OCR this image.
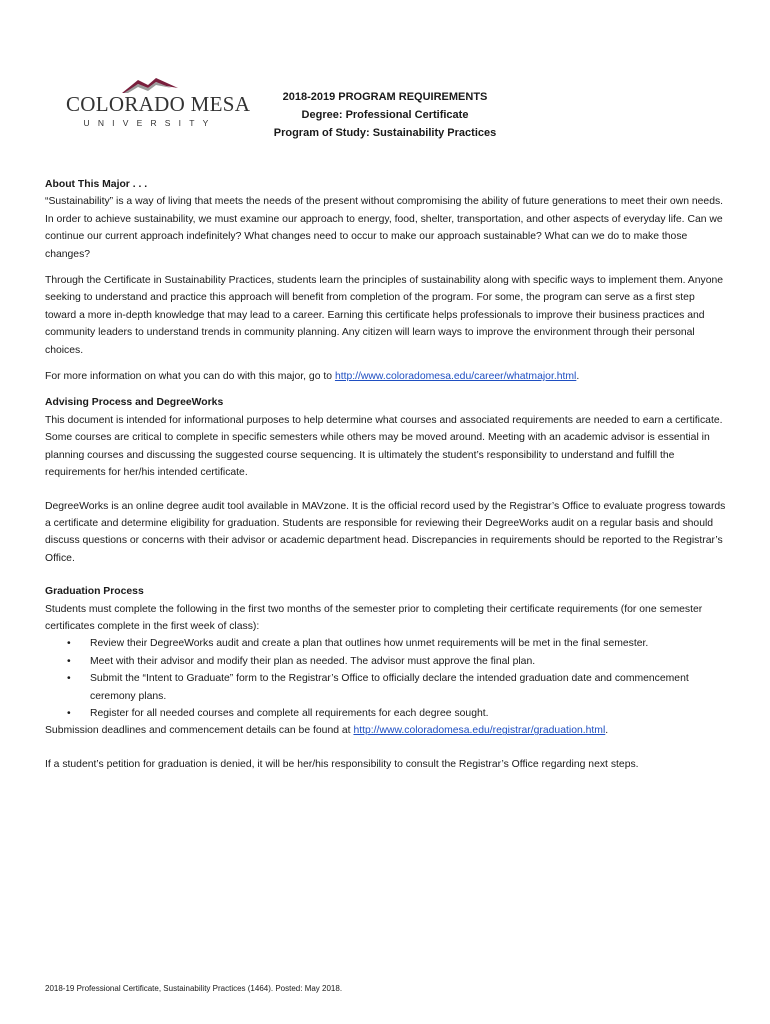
COLORADO MESA
UNIVERSITY
2018-2019 PROGRAM REQUIREMENTS
Degree: Professional Certificate
Program of Study: Sustainability Practices

About This Major . . .

“Sustainability” is a way of living that meets the needs of the present without compromising the ability of future generations to meet their own needs. In order to achieve sustainability, we must examine our approach to energy, food, shelter, transportation, and other aspects of everyday life. Can we continue our current approach indefinitely? What changes need to occur to make our approach sustainable? What can we do to make those changes?

Through the Certificate in Sustainability Practices, students learn the principles of sustainability along with specific ways to implement them. Anyone seeking to understand and practice this approach will benefit from completion of the program. For some, the program can serve as a first step toward a more in-depth knowledge that may lead to a career. Earning this certificate helps professionals to improve their business practices and community leaders to understand trends in community planning. Any citizen will learn ways to improve the environment through their personal choices.

For more information on what you can do with this major, go to http://www.coloradomesa.edu/career/whatmajor.html.

Advising Process and DegreeWorks

This document is intended for informational purposes to help determine what courses and associated requirements are needed to earn a certificate. Some courses are critical to complete in specific semesters while others may be moved around. Meeting with an academic advisor is essential in planning courses and discussing the suggested course sequencing. It is ultimately the student’s responsibility to understand and fulfill the requirements for her/his intended certificate.

DegreeWorks is an online degree audit tool available in MAVzone. It is the official record used by the Registrar’s Office to evaluate progress towards a certificate and determine eligibility for graduation. Students are responsible for reviewing their DegreeWorks audit on a regular basis and should discuss questions or concerns with their advisor or academic department head. Discrepancies in requirements should be reported to the Registrar’s Office.

Graduation Process

Students must complete the following in the first two months of the semester prior to completing their certificate requirements (for one semester certificates complete in the first week of class):

• Review their DegreeWorks audit and create a plan that outlines how unmet requirements will be met in the final semester.
• Meet with their advisor and modify their plan as needed. The advisor must approve the final plan.
• Submit the “Intent to Graduate” form to the Registrar’s Office to officially declare the intended graduation date and commencement ceremony plans.
• Register for all needed courses and complete all requirements for each degree sought.

Submission deadlines and commencement details can be found at http://www.coloradomesa.edu/registrar/graduation.html.

If a student’s petition for graduation is denied, it will be her/his responsibility to consult the Registrar’s Office regarding next steps.

2018-19 Professional Certificate, Sustainability Practices (1464). Posted: May 2018.
